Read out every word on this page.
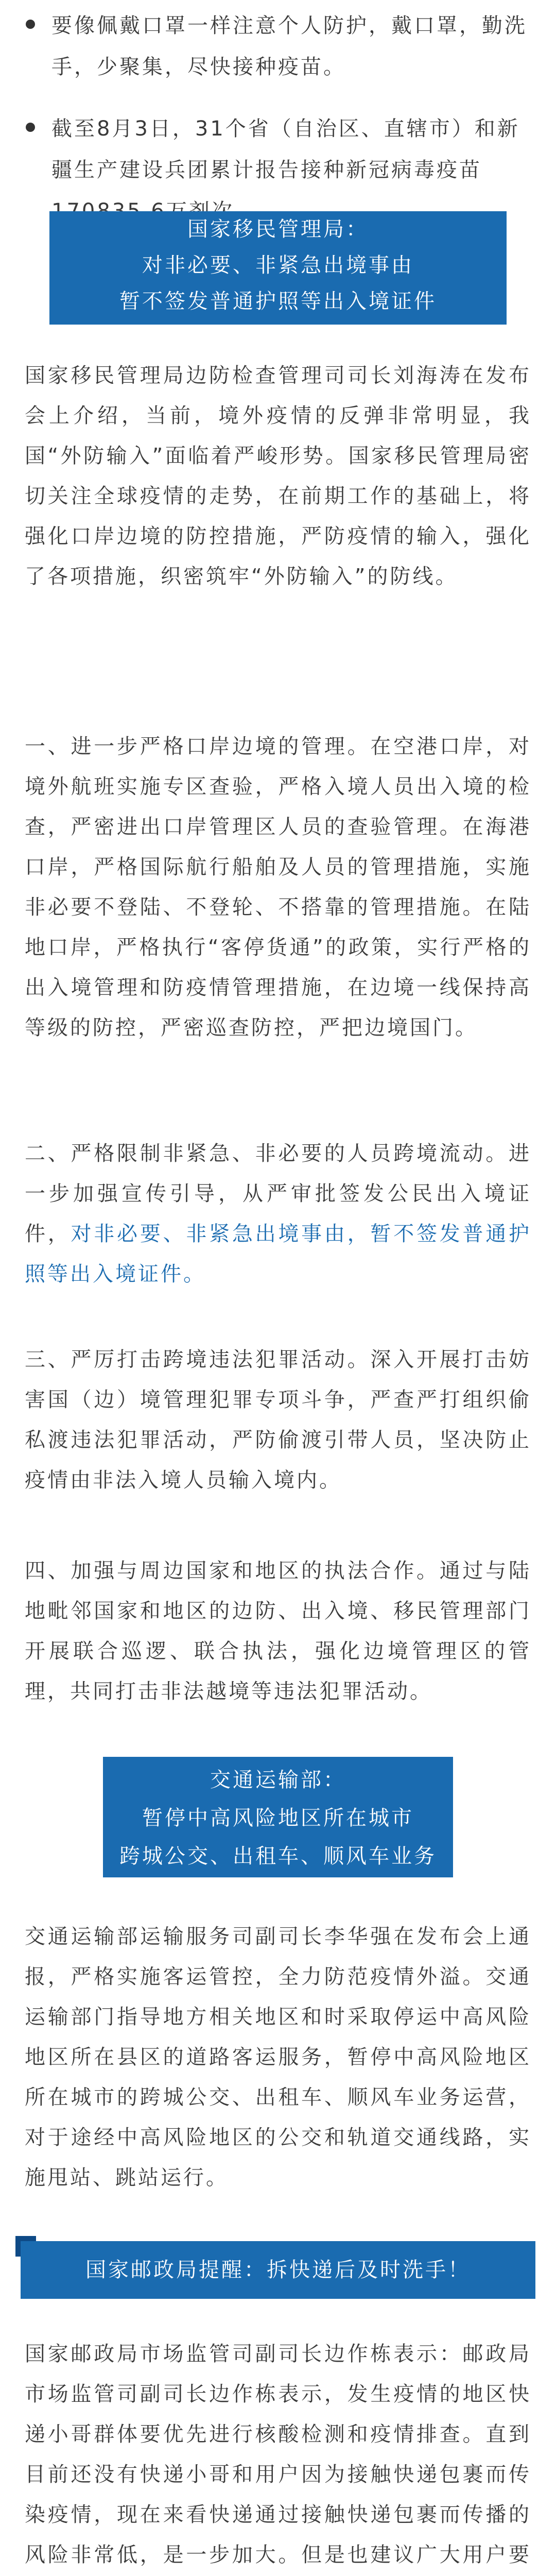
要像佩戴口罩一样注意个人防护，戴口罩，勤洗手，少聚集，尽快接种疫苗。
截至8月3日，31个省（自治区、直辖市）和新疆生产建设兵团累计报告接种新冠病毒疫苗
国家移民管理局：
对非必要、非紧急出境事由
暂不签发普通护照等出入境证件
国家移民管理局边防检查管理司司长刘海涛在发布会上介绍，当前，境外疫情的反弹非常明显，我国“外防输入”面临着严峻形势。国家移民管理局密切关注全球疫情的走势，在前期工作的基础上，将强化口岸边境的防控措施，严防疫情的输入，强化了各项措施，织密筑牢“外防输入”的防线。
一、进一步严格口岸边境的管理。在空港口岸，对境外航班实施专区查验，严格入境人员出入境的检查，严密进出口岸管理区人员的查验管理。在海港口岸，严格国际航行船舶及人员的管理措施，实施非必要不登陆、不登轮、不搭靠的管理措施。在陆地口岸，严格执行“客停货通”的政策，实行严格的出入境管理和防疫情管理措施，在边境一线保持高等级的防控，严密巡查防控，严把边境国门。
二、严格限制非紧急、非必要的人员跨境流动。进一步加强宣传引导，从严审批签发公民出入境证件，对非必要、非紧急出境事由，暂不签发普通护照等出入境证件。
三、严厉打击跨境违法犯罪活动。深入开展打击妨害国（边）境管理犯罪专项斗争，严查严打组织偷私渡违法犯罪活动，严防偷渡引带人员，坚决防止疫情由非法入境人员输入境内。
四、加强与周边国家和地区的执法合作。通过与陆地毗邻国家和地区的边防、出入境、移民管理部门开展联合巡逻、联合执法，强化边境管理区的管理，共同打击非法越境等违法犯罪活动。
交通运输部：
暂停中高风险地区所在城市
跨城公交、出租车、顺风车业务
交通运输部运输服务司副司长李华强在发布会上通报，严格实施客运管控，全力防范疫情外溢。交通运输部门指导地方相关地区和时采取停运中高风险地区所在县区的道路客运服务，暂停中高风险地区所在城市的跨城公交、出租车、顺风车业务运营，对于途经中高风险地区的公交和轨道交通线路，实施甩站、跳站运行。
国家邮政局提醒：拆快递后及时洗手！
国家邮政局市场监管司副司长边作栋表示：邮政局市场监管司副司长边作栋表示，发生疫情的地区快递小哥群体要优先进行核酸检测和疫情排查。直到目前还没有快递小哥和用户因为接触快递包裹而传染疫情，现在来看快递通过接触快递包裹而传播的风险非常低，是一步加大。但是也建议广大用户要
